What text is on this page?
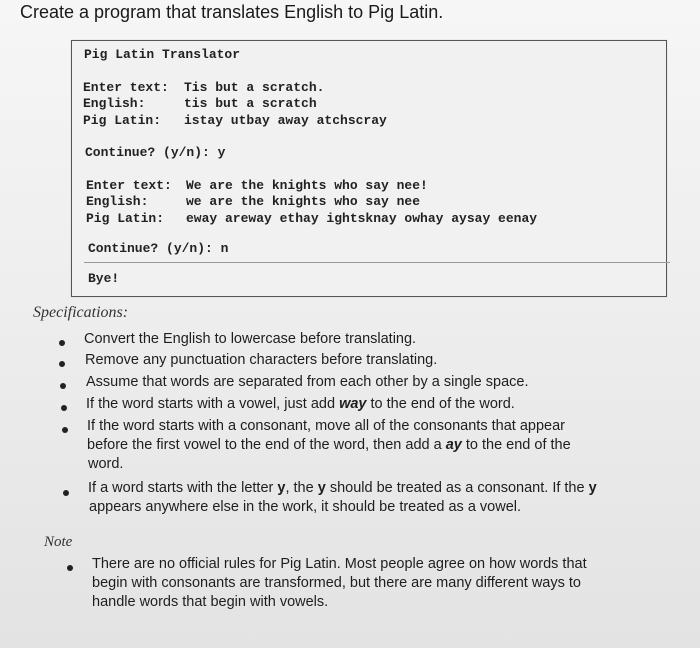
Create a program that translates English to Pig Latin.
Pig Latin Translator
Enter text: Tis but a scratch.
English:	tis but a scratch
Pig Latin: istay utbay away atchscray
Continue? (y/n): y
Enter text: We are the knights who say nee!
English:	we are the knights who say nee
Pig Latin: eway areway ethay ightsknay owhay aysay eenay
Continue? (y/n): n
Bye!
Specifications:
Convert the English to lowercase before translating.
Remove any punctuation characters before translating.
Assume that words are separated from each other by a single space.
If the word starts with a vowel, just add way to the end of the word.
If the word starts with a consonant, move all of the consonants that appear
before the first vowel to the end of the word, then add a ay to the end of the
word.
If a word starts with the letter y, the y should be treated as a consonant. If the y
appears anywhere else in the work, it should be treated as a vowel.
Note
There are no official rules for Pig Latin. Most people agree on how words that
begin with consonants are transformed, but there are many different ways to
handle words that begin with vowels.
